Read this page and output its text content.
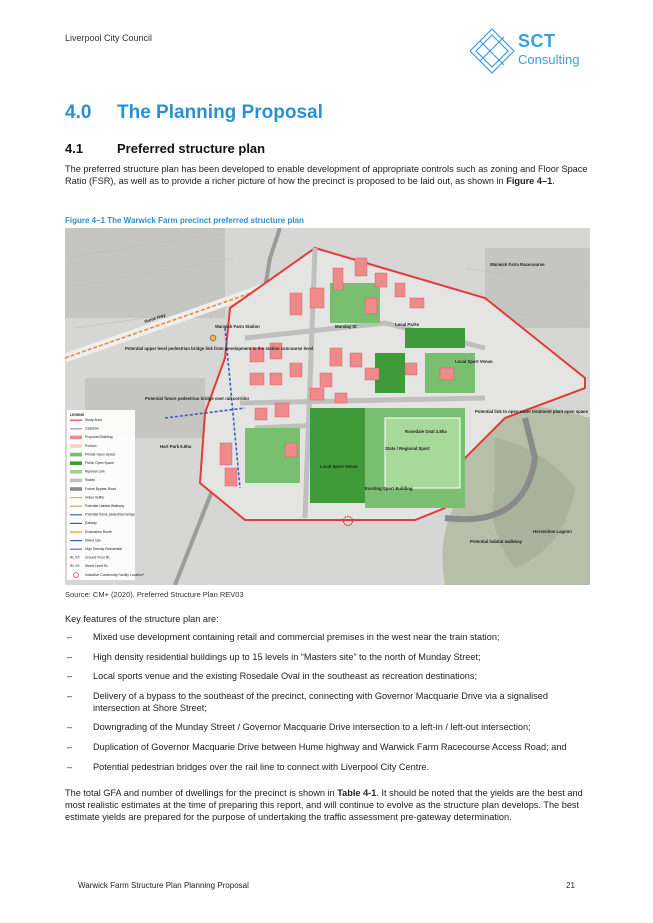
Liverpool City Council	SCT
Consulting
4.0 The Planning Proposal
4.1	Preferred structure plan
The preferred structure plan has been developed to enable development of appropriate controls such as zoning and Floor Space Ratio (FSR), as well as to provide a richer picture of how the precinct is proposed to be laid out, as shown in Figure 4–1.
Figure 4–1 The Warwick Farm precinct preferred structure plan
Warwick Farm Racecourse
Warwick Farm Station
Hume Hwy
Munday St	Local Parks
Rosedale Oval 3.8ha
State / Regional Sport
Existing Sport Building
Local Sport Venue
Local Sport Venue
Hart Park 6.6ha
Potential habitat walkway
Horseshoe Lagoon
Potential link to open water treatment plant open space
Potential upper level pedestrian bridge link from development to the station concourse level
Potential future pedestrian bridge over rail corridor
LEGEND
Study Area
Cadastre
Proposed Building
Podium
Private Open Space
Public Open Space
Riparian Link
Roads
Future Bypass Road
Odour Buffer
Potential Habitat Walkway
Potential future pedestrian bridge
Railway
Evacuation Route
Mixed Use
High Density Residential
RL XX Ground Floor RL
RL XX Street Level RL
Indicative Community Facility Location*
Source: CM+ (2020), Preferred Structure Plan REV03
Key features of the structure plan are:
– Mixed use development containing retail and commercial premises in the west near the train station;
– High density residential buildings up to 15 levels in “Masters site” to the north of Munday Street;
– Local sports venue and the existing Rosedale Oval in the southeast as recreation destinations;
– Delivery of a bypass to the southeast of the precinct, connecting with Governor Macquarie Drive via a signalised intersection at Shore Street;
– Downgrading of the Munday Street / Governor Macquarie Drive intersection to a left-in / left-out intersection;
– Duplication of Governor Macquarie Drive between Hume highway and Warwick Farm Racecourse Access Road; and
– Potential pedestrian bridges over the rail line to connect with Liverpool City Centre.
The total GFA and number of dwellings for the precinct is shown in Table 4-1. It should be noted that the yields are the best and most realistic estimates at the time of preparing this report, and will continue to evolve as the structure plan develops. The best estimate yields are prepared for the purpose of undertaking the traffic assessment pre-gateway determination.
Warwick Farm Structure Plan Planning Proposal	21
